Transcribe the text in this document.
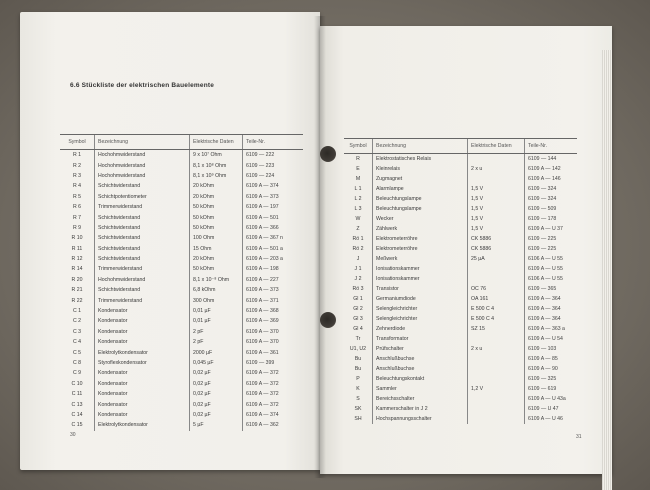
6.6 Stückliste der elektrischen Bauelemente
Symbol	Bezeichnung	Elektrische Daten	Teile-Nr.
R 1	Hochohmwiderstand	9 x 10⁷ Ohm	6109 — 222
R 2	Hochohmwiderstand	8,1 x 10⁸ Ohm	6109 — 223
R 3	Hochohmwiderstand	8,1 x 10⁹ Ohm	6109 — 224
R 4	Schichtwiderstand	20 kOhm	6109 A — 374
R 5	Schichtpotentiometer	20 kOhm	6109 A — 373
R 6	Trimmerwiderstand	50 kOhm	6109 A — 197
R 7	Schichtwiderstand	50 kOhm	6109 A — 501
R 9	Schichtwiderstand	50 kOhm	6109 A — 366
R 10	Schichtwiderstand	100 Ohm	6109 A — 367 n
R 11	Schichtwiderstand	15 Ohm	6109 A — 501 a
R 12	Schichtwiderstand	20 kOhm	6109 A — 203 a
R 14	Trimmerwiderstand	50 kOhm	6109 A — 198
R 20	Hochohmwiderstand	8,1 x 10⁻⁸ Ohm	6109 A — 227
R 21	Schichtwiderstand	6,8 kOhm	6109 A — 373
R 22	Trimmerwiderstand	300 Ohm	6109 A — 371
C 1	Kondensator	0,01 µF	6109 A — 368
C 2	Kondensator	0,01 µF	6109 A — 369
C 3	Kondensator	2 pF	6109 A — 370
C 4	Kondensator	2 pF	6109 A — 370
C 5	Elektrolytkondensator	2000 µF	6109 A — 361
C 8	Styroflexkondensator	0,045 µF	6109 — 399
C 9	Kondensator	0,02 µF	6109 A — 372
C 10	Kondensator	0,02 µF	6109 A — 372
C 11	Kondensator	0,02 µF	6109 A — 372
C 13	Kondensator	0,02 µF	6109 A — 372
C 14	Kondensator	0,02 µF	6109 A — 374
C 15	Elektrolytkondensator	5 µF	6109 A — 362
30
Symbol	Bezeichnung	Elektrische Daten	Teile-Nr.
R	Elektrostatisches Relais		6109 — 144
E	Kleinrelais	2 x u	6109 A — 142
M	Zugmagnet		6109 A — 146
L 1	Alarmlampe	1,5 V	6109 — 324
L 2	Beleuchtungslampe	1,5 V	6109 — 324
L 3	Beleuchtungslampe	1,5 V	6109 — 509
W	Wecker	1,5 V	6109 — 178
Z	Zählwerk	1,5 V	6109 A — U 37
Rö 1	Elektrometerröhre	CK 5886	6109 — 225
Rö 2	Elektrometerröhre	CK 5886	6109 — 225
J	Meßwerk	25 µA	6106 A — U 55
J 1	Ionisationskammer		6109 A — U 55
J 2	Ionisationskammer		6106 A — U 55
Rö 3	Transistor	OC 76	6109 — 365
Gl 1	Germaniumdiode	OA 161	6109 A — 364
Gl 2	Selengleichrichter	E 500 C 4	6109 A — 364
Gl 3	Selengleichrichter	E 500 C 4	6109 A — 364
Gl 4	Zehnerdiode	SZ 15	6109 A — 363 a
Tr	Transformator		6109 A — U 54
U1, U2	Prüfschalter	2 x u	6109 — 103
Bu	Anschlußbuchse		6109 A — 85
Bu	Anschlußbuchse		6109 A — 90
P	Beleuchtungskontakt		6109 — 325
K	Sammler	1,2 V	6109 — 619
S	Bereichsschalter		6109 A — U 43a
SK	Kammerschalter in J 2		6109 — U 47
SH	Hochspannungsschalter		6109 A — U 46
31
